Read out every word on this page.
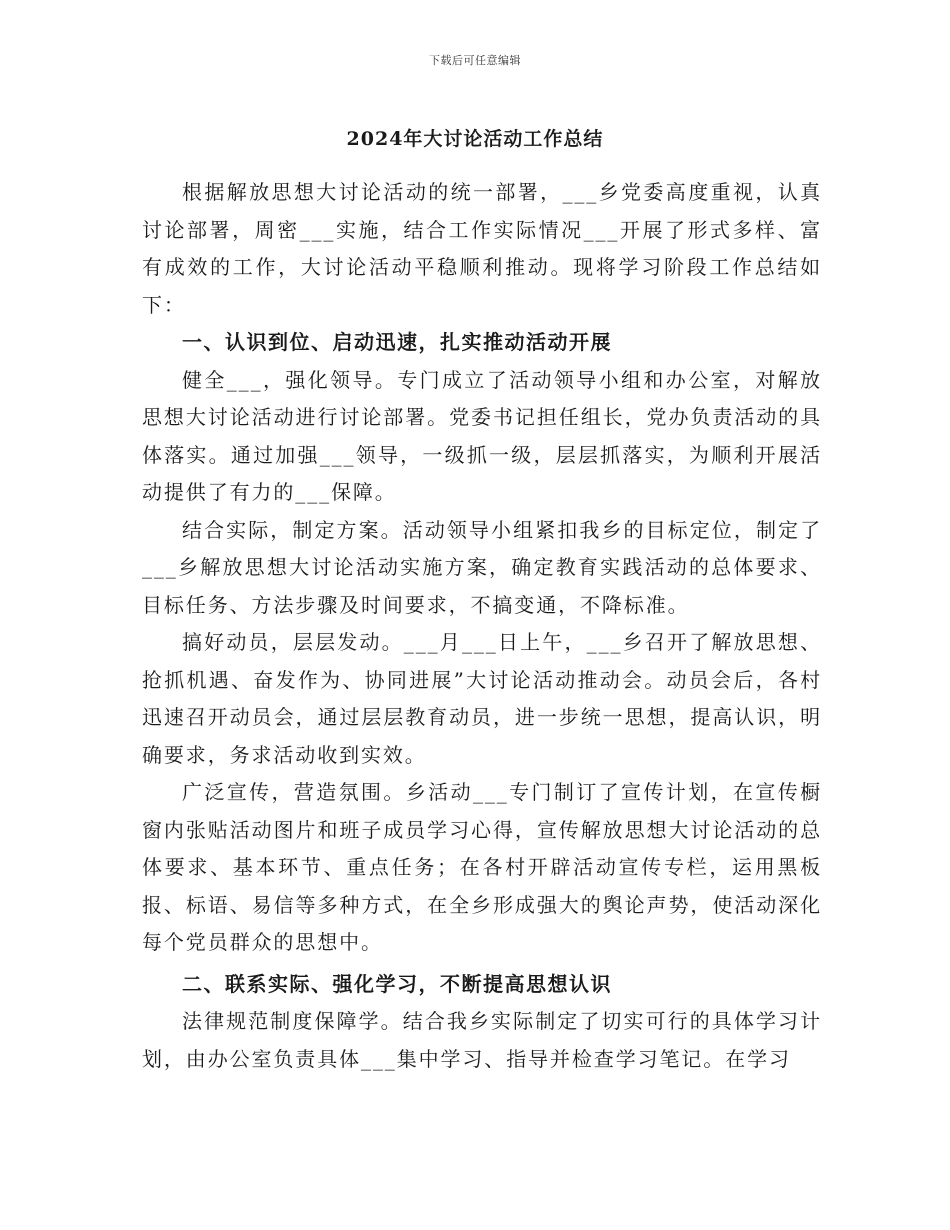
下载后可任意编辑
2024年大讨论活动工作总结

根据解放思想大讨论活动的统一部署，___乡党委高度重视，认真讨论部署，周密___实施，结合工作实际情况___开展了形式多样、富有成效的工作，大讨论活动平稳顺利推动。现将学习阶段工作总结如下：

一、认识到位、启动迅速，扎实推动活动开展

健全___，强化领导。专门成立了活动领导小组和办公室，对解放思想大讨论活动进行讨论部署。党委书记担任组长，党办负责活动的具体落实。通过加强___领导，一级抓一级，层层抓落实，为顺利开展活动提供了有力的___保障。

结合实际，制定方案。活动领导小组紧扣我乡的目标定位，制定了___乡解放思想大讨论活动实施方案，确定教育实践活动的总体要求、目标任务、方法步骤及时间要求，不搞变通，不降标准。

搞好动员，层层发动。___月___日上午，___乡召开了解放思想、抢抓机遇、奋发作为、协同进展”大讨论活动推动会。动员会后，各村迅速召开动员会，通过层层教育动员，进一步统一思想，提高认识，明确要求，务求活动收到实效。

广泛宣传，营造氛围。乡活动___专门制订了宣传计划，在宣传橱窗内张贴活动图片和班子成员学习心得，宣传解放思想大讨论活动的总体要求、基本环节、重点任务；在各村开辟活动宣传专栏，运用黑板报、标语、易信等多种方式，在全乡形成强大的舆论声势，使活动深化每个党员群众的思想中。

二、联系实际、强化学习，不断提高思想认识

法律规范制度保障学。结合我乡实际制定了切实可行的具体学习计划，由办公室负责具体___集中学习、指导并检查学习笔记。在学习
